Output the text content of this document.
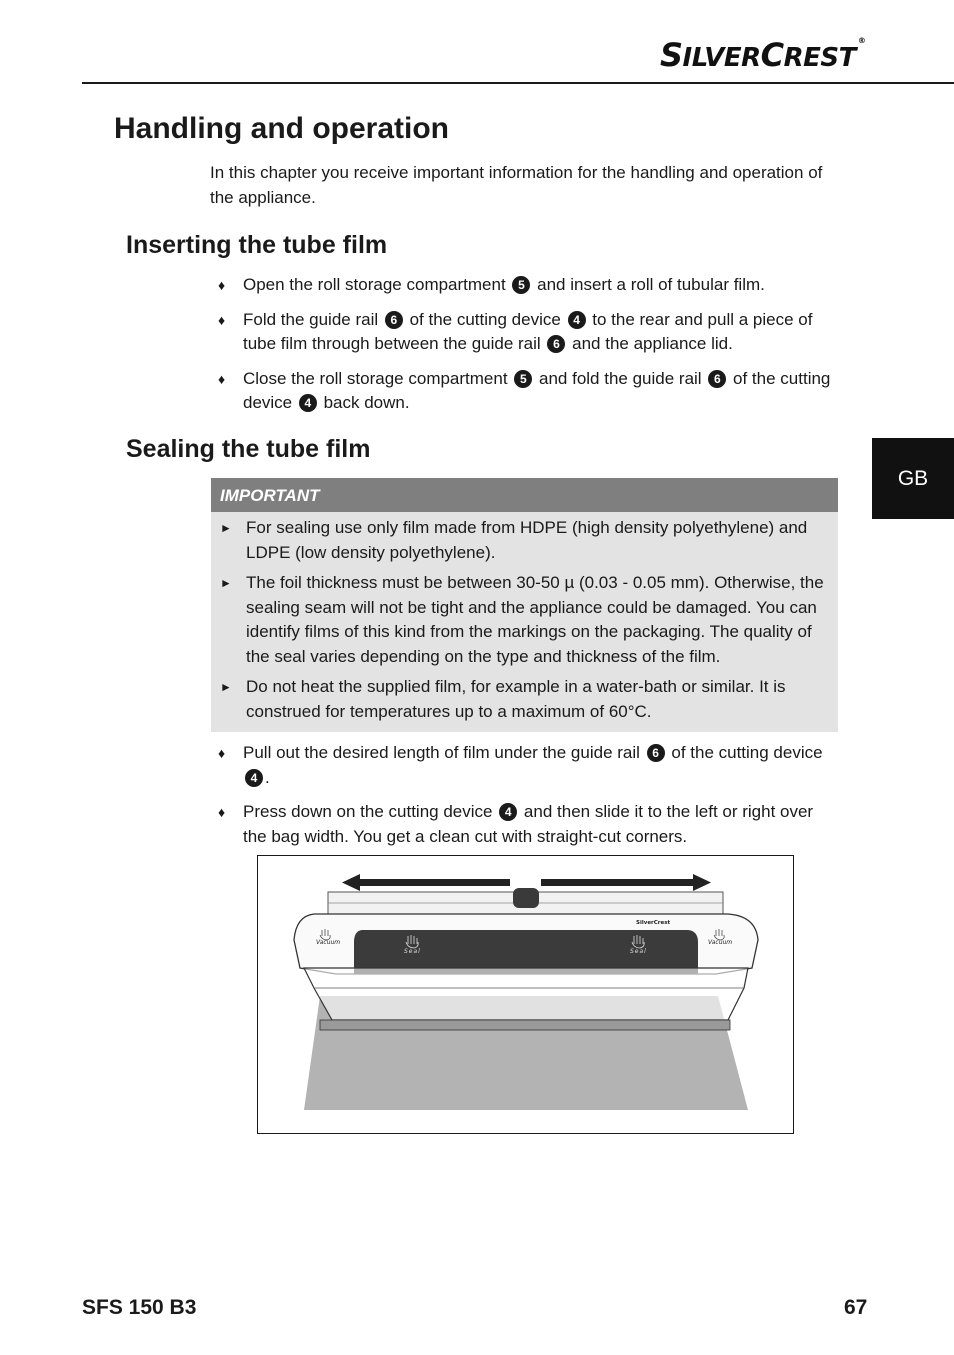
SILVERCREST®
Handling and operation

In this chapter you receive important information for the handling and operation of the appliance.

Inserting the tube film
♦ Open the roll storage compartment 5 and insert a roll of tubular film.
♦ Fold the guide rail 6 of the cutting device 4 to the rear and pull a piece of tube film through between the guide rail 6 and the appliance lid.
♦ Close the roll storage compartment 5 and fold the guide rail 6 of the cutting device 4 back down.
Sealing the tube film
IMPORTANT
► For sealing use only film made from HDPE (high density polyethylene) and LDPE (low density polyethylene).
► The foil thickness must be between 30-50 µ (0.03 - 0.05 mm). Otherwise, the sealing seam will not be tight and the appliance could be damaged. You can identify films of this kind from the markings on the packaging. The quality of the seal varies depending on the type and thickness of the film.
► Do not heat the supplied film, for example in a water-bath or similar. It is construed for temperatures up to a maximum of 60°C.
♦ Pull out the desired length of film under the guide rail 6 of the cutting device 4 .
♦ Press down on the cutting device 4 and then slide it to the left or right over the bag width. You get a clean cut with straight-cut corners.
SilverCrest
Vacuum	Vacuum
Seal	Seal
GB
SFS 150 B3	67
